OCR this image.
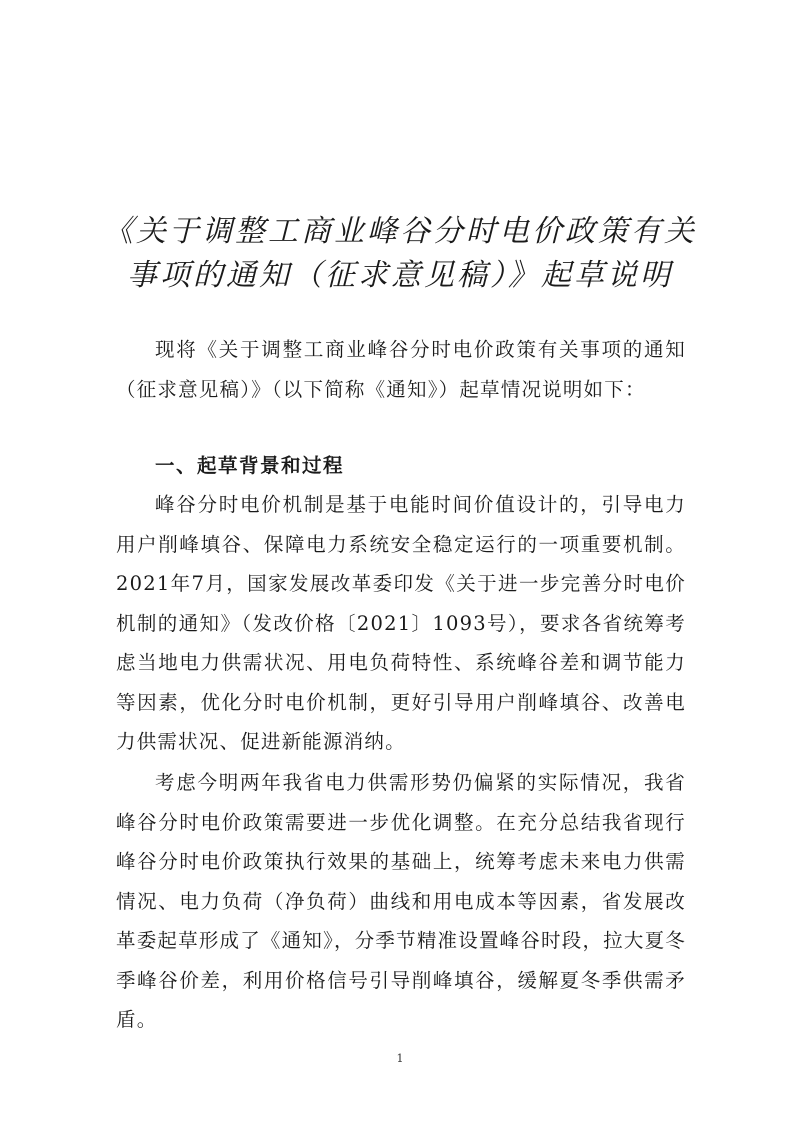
《关于调整工商业峰谷分时电价政策有关
事项的通知（征求意见稿）》起草说明

现将《关于调整工商业峰谷分时电价政策有关事项的通知（征求意见稿）》（以下简称《通知》）起草情况说明如下：

一、起草背景和过程

峰谷分时电价机制是基于电能时间价值设计的，引导电力用户削峰填谷、保障电力系统安全稳定运行的一项重要机制。2021年7月，国家发展改革委印发《关于进一步完善分时电价机制的通知》（发改价格〔2021〕1093号），要求各省统筹考虑当地电力供需状况、用电负荷特性、系统峰谷差和调节能力等因素，优化分时电价机制，更好引导用户削峰填谷、改善电力供需状况、促进新能源消纳。

考虑今明两年我省电力供需形势仍偏紧的实际情况，我省峰谷分时电价政策需要进一步优化调整。在充分总结我省现行峰谷分时电价政策执行效果的基础上，统筹考虑未来电力供需情况、电力负荷（净负荷）曲线和用电成本等因素，省发展改革委起草形成了《通知》，分季节精准设置峰谷时段，拉大夏冬季峰谷价差，利用价格信号引导削峰填谷，缓解夏冬季供需矛盾。

1
